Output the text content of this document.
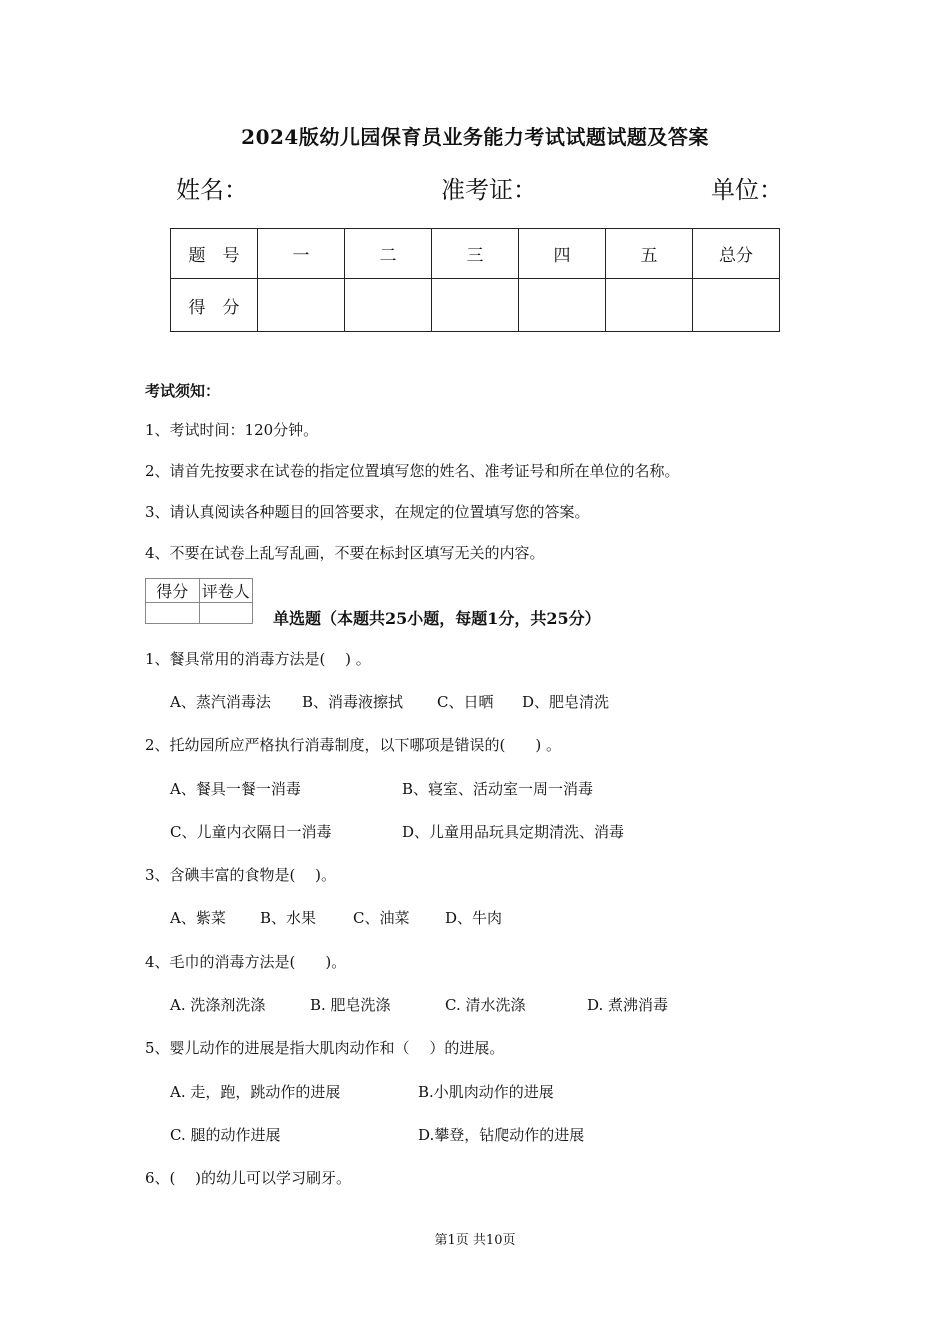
2024版幼儿园保育员业务能力考试试题试题及答案
姓名：	准考证：	单位：
题　号	一	二	三	四	五	总分
得　分						
考试须知：
1、考试时间：120分钟。
2、请首先按要求在试卷的指定位置填写您的姓名、准考证号和所在单位的名称。
3、请认真阅读各种题目的回答要求，在规定的位置填写您的答案。
4、不要在试卷上乱写乱画，不要在标封区填写无关的内容。
得分	评卷人

单选题（本题共25小题，每题1分，共25分）
1、餐具常用的消毒方法是(　 ) 。
A、蒸汽消毒法 B、消毒液擦拭 C、日晒 D、肥皂清洗
2、托幼园所应严格执行消毒制度，以下哪项是错误的(　　) 。
A、餐具一餐一消毒	B、寝室、活动室一周一消毒
C、儿童内衣隔日一消毒	D、儿童用品玩具定期清洗、消毒
3、含碘丰富的食物是(　 )。
A、紫菜 B、水果 C、油菜 D、牛肉
4、毛巾的消毒方法是(　　)。
A. 洗涤剂洗涤	B. 肥皂洗涤	C. 清水洗涤	D. 煮沸消毒
5、婴儿动作的进展是指大肌肉动作和（　 ）的进展。
A. 走，跑，跳动作的进展	B.小肌肉动作的进展
C. 腿的动作进展	D.攀登，钻爬动作的进展
6、(　 )的幼儿可以学习刷牙。
第1页 共10页
